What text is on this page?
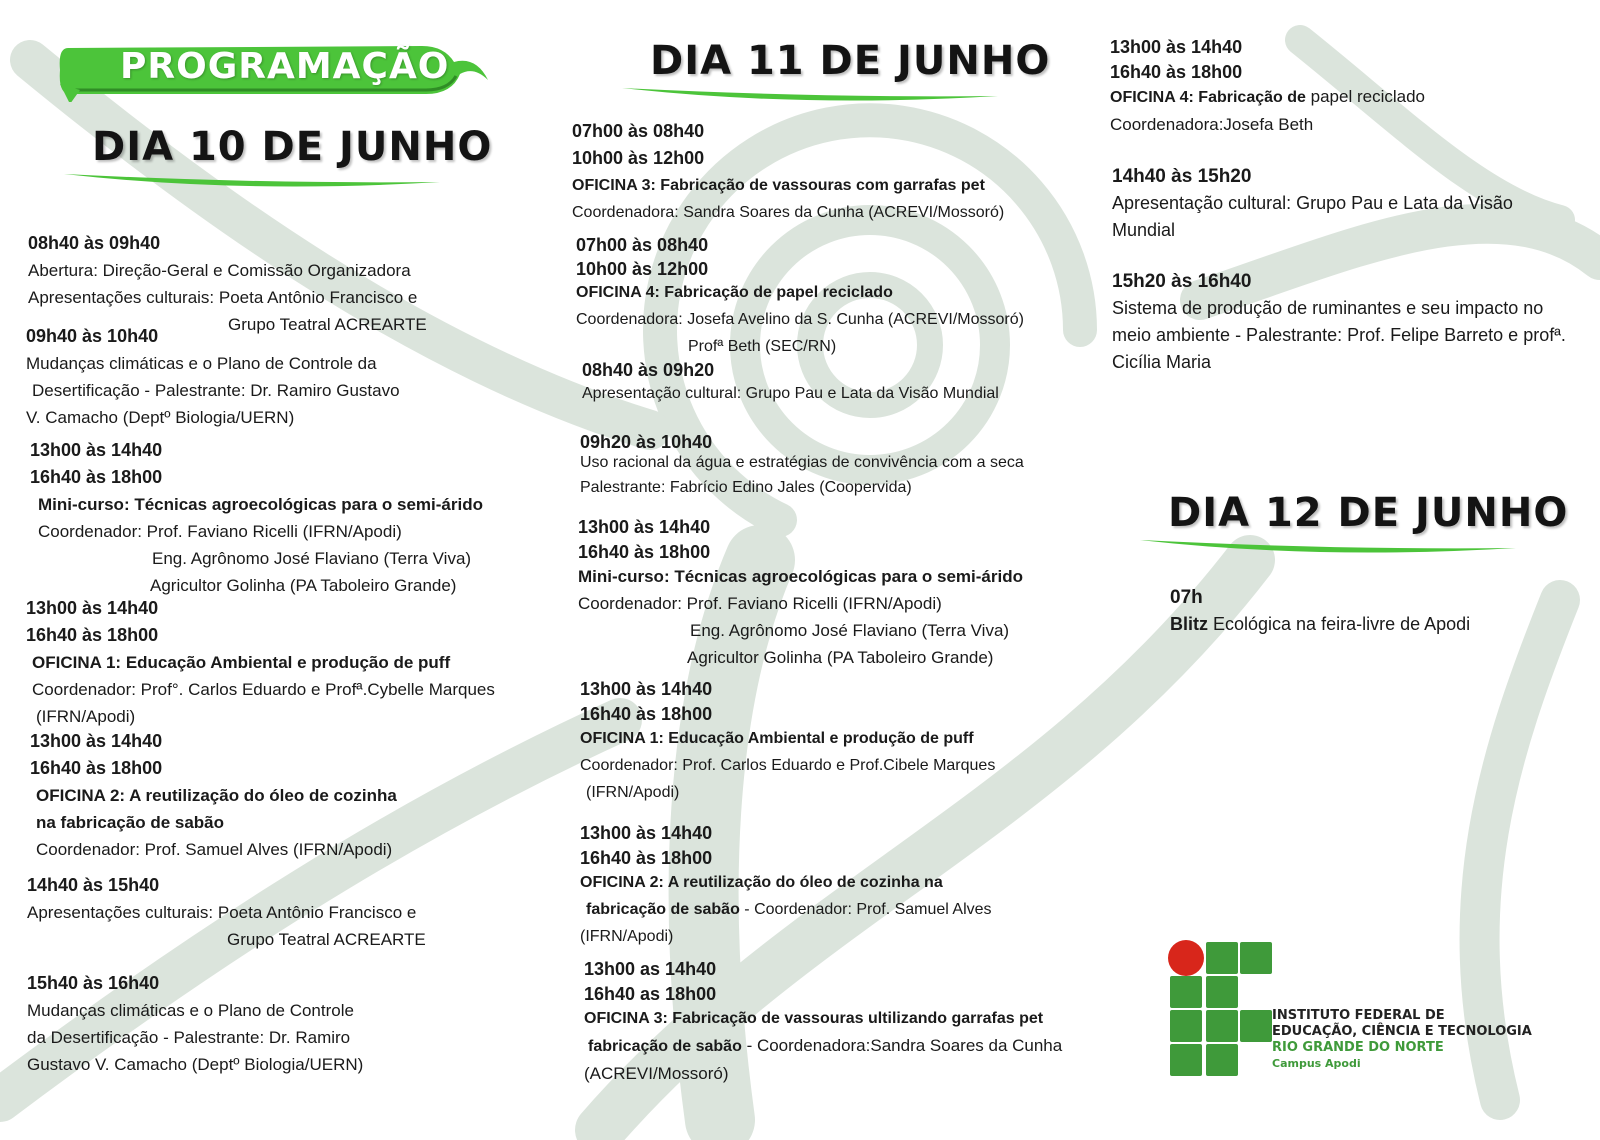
PROGRAMAÇÃO
DIA 10 DE JUNHO
DIA 11 DE JUNHO
DIA 12 DE JUNHO
08h40 às 09h40
Abertura: Direção-Geral e Comissão Organizadora
Apresentações culturais: Poeta Antônio Francisco e
Grupo Teatral ACREARTE
09h40 às 10h40
Mudanças climáticas e o Plano de Controle da
Desertificação - Palestrante: Dr. Ramiro Gustavo
V. Camacho (Deptº Biologia/UERN)
13h00 às 14h40
16h40 às 18h00
Mini-curso: Técnicas agroecológicas para o semi-árido
Coordenador: Prof. Faviano Ricelli (IFRN/Apodi)
Eng. Agrônomo José Flaviano (Terra Viva)
Agricultor Golinha (PA Taboleiro Grande)
13h00 às 14h40
16h40 às 18h00
OFICINA 1: Educação Ambiental e produção de puff
Coordenador: Prof°. Carlos Eduardo e Profª.Cybelle Marques
(IFRN/Apodi)
13h00 às 14h40
16h40 às 18h00
OFICINA 2: A reutilização do óleo de cozinha
na fabricação de sabão
Coordenador: Prof. Samuel Alves (IFRN/Apodi)
14h40 às 15h40
Apresentações culturais: Poeta Antônio Francisco e
Grupo Teatral ACREARTE
15h40 às 16h40
Mudanças climáticas e o Plano de Controle
da Desertificação - Palestrante: Dr. Ramiro
Gustavo V. Camacho (Deptº Biologia/UERN)
07h00 às 08h40
10h00 às 12h00
OFICINA 3: Fabricação de vassouras com garrafas pet
Coordenadora: Sandra Soares da Cunha (ACREVI/Mossoró)
07h00 às 08h40
10h00 às 12h00
OFICINA 4: Fabricação de papel reciclado
Coordenadora: Josefa Avelino da S. Cunha (ACREVI/Mossoró)
Profª Beth (SEC/RN)
08h40 às 09h20
Apresentação cultural: Grupo Pau e Lata da Visão Mundial
09h20 às 10h40
Uso racional da água e estratégias de convivência com a seca
Palestrante: Fabrício Edino Jales (Coopervida)
13h00 às 14h40
16h40 às 18h00
Mini-curso: Técnicas agroecológicas para o semi-árido
Coordenador: Prof. Faviano Ricelli (IFRN/Apodi)
Eng. Agrônomo José Flaviano (Terra Viva)
Agricultor Golinha (PA Taboleiro Grande)
13h00 às 14h40
16h40 às 18h00
OFICINA 1: Educação Ambiental e produção de puff
Coordenador: Prof. Carlos Eduardo e Prof.Cibele Marques
(IFRN/Apodi)
13h00 às 14h40
16h40 às 18h00
OFICINA 2: A reutilização do óleo de cozinha na
fabricação de sabão - Coordenador: Prof. Samuel Alves
(IFRN/Apodi)
13h00 as 14h40
16h40 as 18h00
OFICINA 3: Fabricação de vassouras ultilizando garrafas pet
fabricação de sabão - Coordenadora:Sandra Soares da Cunha
(ACREVI/Mossoró)
13h00 às 14h40
16h40 às 18h00
OFICINA 4: Fabricação de papel reciclado
Coordenadora:Josefa Beth
14h40 às 15h20
Apresentação cultural: Grupo Pau e Lata da Visão
Mundial
15h20 às 16h40
Sistema de produção de ruminantes e seu impacto no
meio ambiente - Palestrante: Prof. Felipe Barreto e profª.
Cicília Maria
07h
Blitz Ecológica na feira-livre de Apodi
INSTITUTO FEDERAL DE
EDUCAÇÃO, CIÊNCIA E TECNOLOGIA
RIO GRANDE DO NORTE
Campus Apodi
